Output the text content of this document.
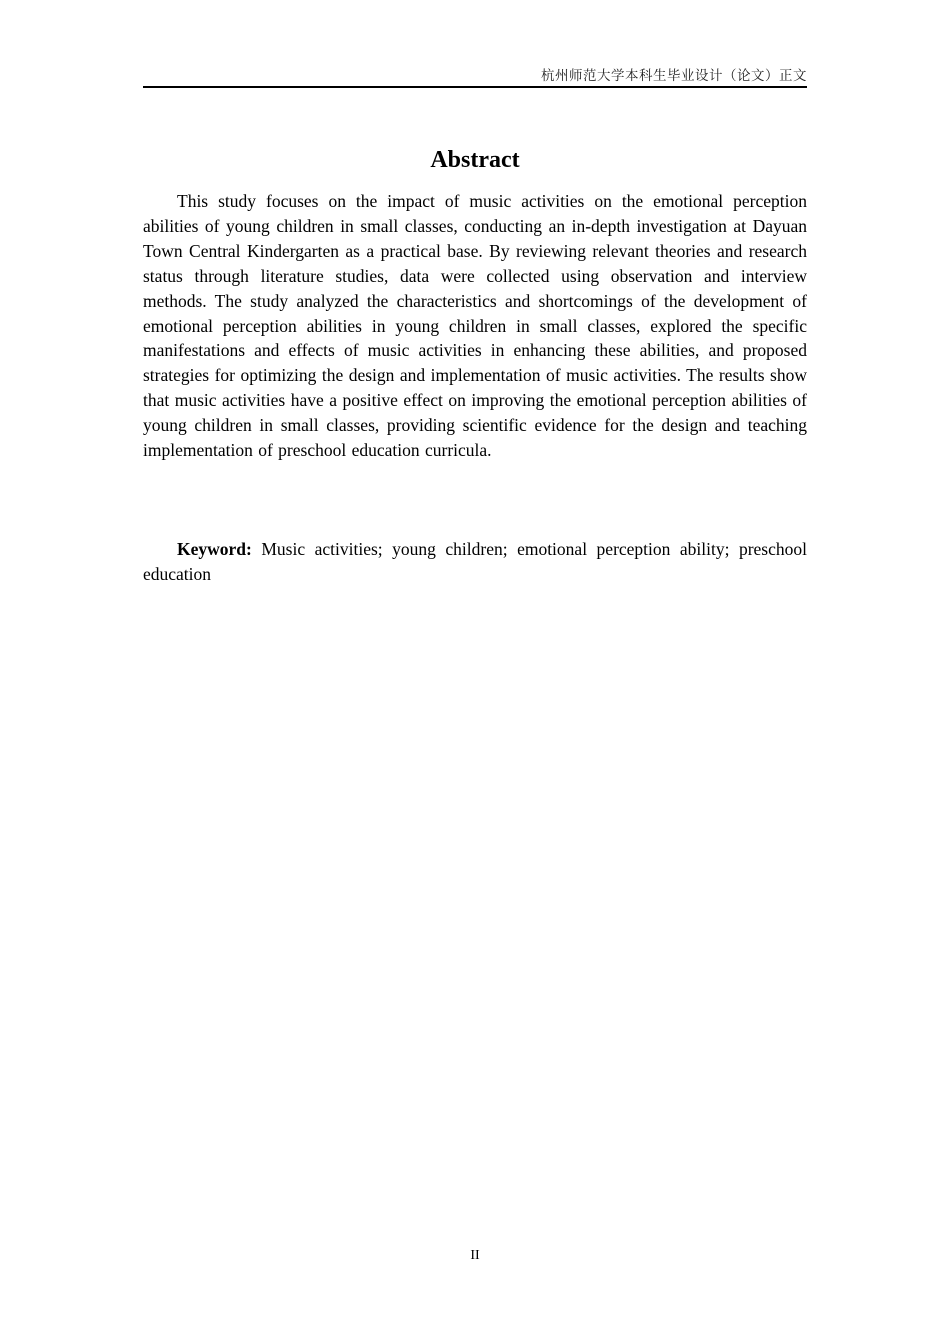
杭州师范大学本科生毕业设计（论文）正文
Abstract

This study focuses on the impact of music activities on the emotional perception abilities of young children in small classes, conducting an in-depth investigation at Dayuan Town Central Kindergarten as a practical base. By reviewing relevant theories and research status through literature studies, data were collected using observation and interview methods. The study analyzed the characteristics and shortcomings of the development of emotional perception abilities in young children in small classes, explored the specific manifestations and effects of music activities in enhancing these abilities, and proposed strategies for optimizing the design and implementation of music activities. The results show that music activities have a positive effect on improving the emotional perception abilities of young children in small classes, providing scientific evidence for the design and teaching implementation of preschool education curricula.

Keyword: Music activities; young children; emotional perception ability; preschool education

II
